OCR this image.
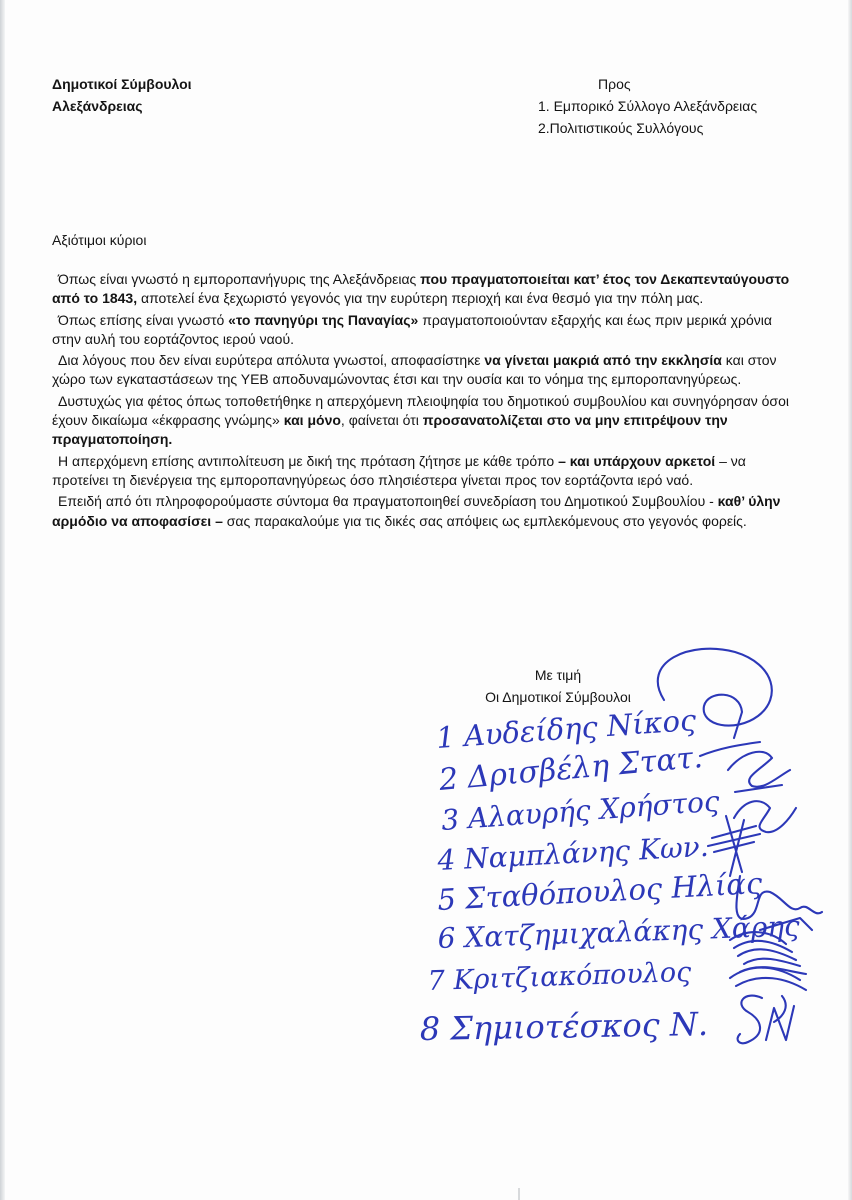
Δημοτικοί Σύμβουλοι
Αλεξάνδρειας
Προς
1. Εμπορικό Σύλλογο Αλεξάνδρειας
2.Πολιτιστικούς Συλλόγους
Αξιότιμοι κύριοι

Όπως είναι γνωστό η εμποροπανήγυρις της Αλεξάνδρειας που πραγματοποιείται κατ’ έτος τον Δεκαπενταύγουστο από το 1843, αποτελεί ένα ξεχωριστό γεγονός για την ευρύτερη περιοχή και ένα θεσμό για την πόλη μας.

Όπως επίσης είναι γνωστό «το πανηγύρι της Παναγίας» πραγματοποιούνταν εξαρχής και έως πριν μερικά χρόνια στην αυλή του εορτάζοντος ιερού ναού.

Δια λόγους που δεν είναι ευρύτερα απόλυτα γνωστοί, αποφασίστηκε να γίνεται μακριά από την εκκλησία και στον χώρο των εγκαταστάσεων της ΥΕΒ αποδυναμώνοντας έτσι και την ουσία και το νόημα της εμποροπανηγύρεως.

Δυστυχώς για φέτος όπως τοποθετήθηκε η απερχόμενη πλειοψηφία του δημοτικού συμβουλίου και συνηγόρησαν όσοι έχουν δικαίωμα «έκφρασης γνώμης» και μόνο, φαίνεται ότι προσανατολίζεται στο να μην επιτρέψουν την πραγματοποίηση.

Η απερχόμενη επίσης αντιπολίτευση με δική της πρόταση ζήτησε με κάθε τρόπο – και υπάρχουν αρκετοί – να προτείνει τη διενέργεια της εμποροπανηγύρεως όσο πλησιέστερα γίνεται προς τον εορτάζοντα ιερό ναό.

Επειδή από ότι πληροφορούμαστε σύντομα θα πραγματοποιηθεί συνεδρίαση του Δημοτικού Συμβουλίου - καθ’ ύλην αρμόδιο να αποφασίσει – σας παρακαλούμε για τις δικές σας απόψεις ως εμπλεκόμενους στο γεγονός φορείς.

Με τιμή
Οι Δημοτικοί Σύμβουλοι
1 Αυδείδης Νίκος
2 Δρισβέλη Στατ.
3 Αλαυρής Χρήστος
4 Ναμπλάνης Κων.
5 Σταθόπουλος Ηλίας
6 Χατζημιχαλάκης Χάρης
7 Κριτζιακόπουλος
8 Σημιοτέσκος Ν.
